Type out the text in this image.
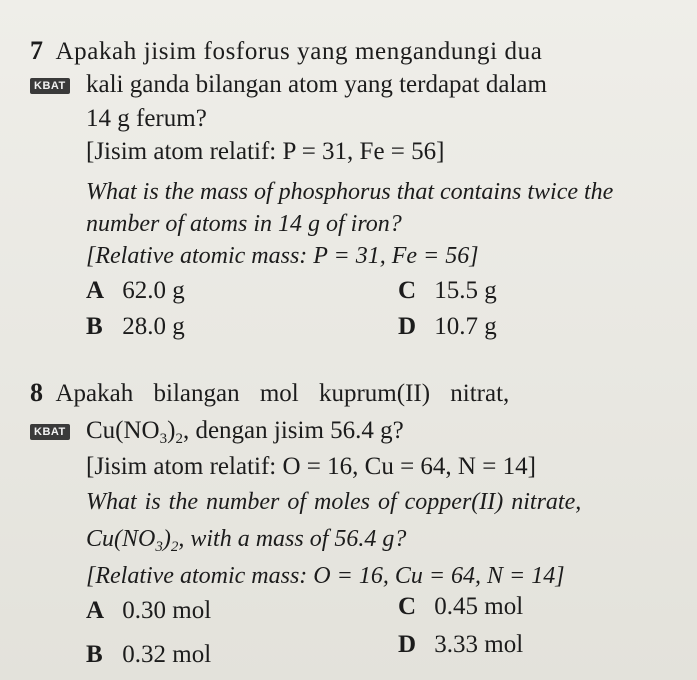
7 Apakah jisim fosforus yang mengandungi dua
KBAT kali ganda bilangan atom yang terdapat dalam
14 g ferum?
[Jisim atom relatif: P = 31, Fe = 56]
What is the mass of phosphorus that contains twice the
number of atoms in 14 g of iron?
[Relative atomic mass: P = 31, Fe = 56]
A 62.0 g	C 15.5 g
B 28.0 g	D 10.7 g
8 Apakah bilangan mol kuprum(II) nitrat,
KBAT $Cu(NO_3)_2$, dengan jisim 56.4 g?
[Jisim atom relatif: O = 16, Cu = 64, N = 14]
What is the number of moles of copper(II) nitrate,
$Cu(NO_3)_2$, with a mass of 56.4 g?
[Relative atomic mass: O = 16, Cu = 64, N = 14]
A 0.30 mol	C 0.45 mol
B 0.32 mol	D 3.33 mol
